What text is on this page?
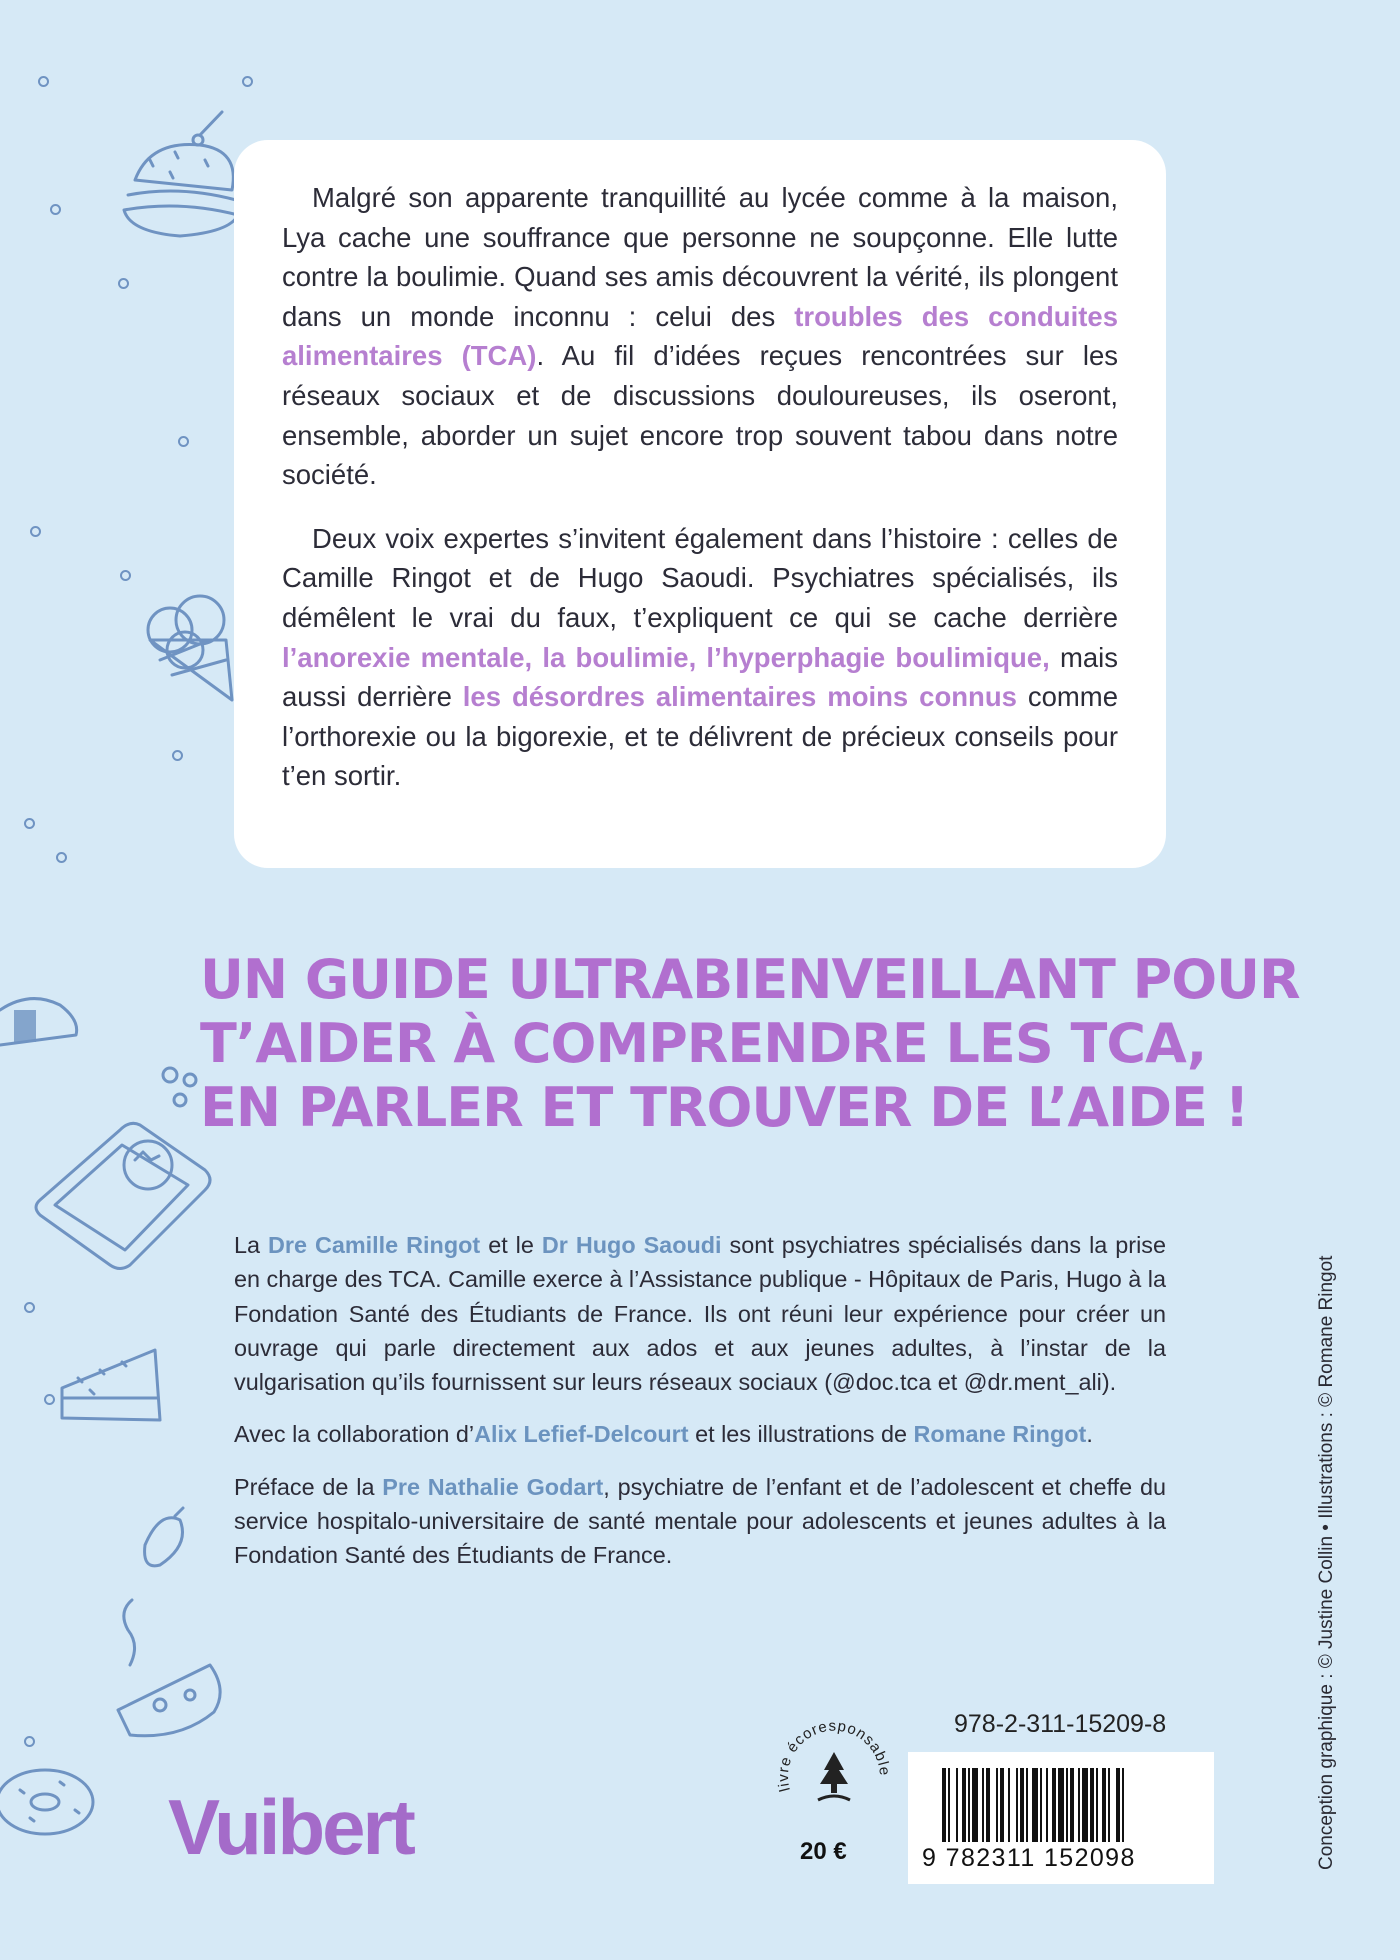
Malgré son apparente tranquillité au lycée comme à la maison, Lya cache une souffrance que personne ne soupçonne. Elle lutte contre la boulimie. Quand ses amis découvrent la vérité, ils plongent dans un monde inconnu : celui des troubles des conduites alimentaires (TCA). Au fil d’idées reçues rencontrées sur les réseaux sociaux et de discussions douloureuses, ils oseront, ensemble, aborder un sujet encore trop souvent tabou dans notre société.

Deux voix expertes s’invitent également dans l’histoire : celles de Camille Ringot et de Hugo Saoudi. Psychiatres spécialisés, ils démêlent le vrai du faux, t’expliquent ce qui se cache derrière l’anorexie mentale, la boulimie, l’hyperphagie boulimique, mais aussi derrière les désordres alimentaires moins connus comme l’orthorexie ou la bigorexie, et te délivrent de précieux conseils pour t’en sortir.

UN GUIDE ULTRABIENVEILLANT POUR
T’AIDER À COMPRENDRE LES TCA,
EN PARLER ET TROUVER DE L’AIDE !

La Dre Camille Ringot et le Dr Hugo Saoudi sont psychiatres spécialisés dans la prise en charge des TCA. Camille exerce à l’Assistance publique - Hôpitaux de Paris, Hugo à la Fondation Santé des Étudiants de France. Ils ont réuni leur expérience pour créer un ouvrage qui parle directement aux ados et aux jeunes adultes, à l’instar de la vulgarisation qu’ils fournissent sur leurs réseaux sociaux (@doc.tca et @dr.ment_ali).

Avec la collaboration d’Alix Lefief-Delcourt et les illustrations de Romane Ringot.

Préface de la Pre Nathalie Godart, psychiatre de l’enfant et de l’adolescent et cheffe du service hospitalo-universitaire de santé mentale pour adolescents et jeunes adultes à la Fondation Santé des Étudiants de France.

livre écoresponsable
20 €
978-2-311-15209-8
9 782311 152098
Vuibert	Conception graphique : © Justine Collin • Illustrations : © Romane Ringot
